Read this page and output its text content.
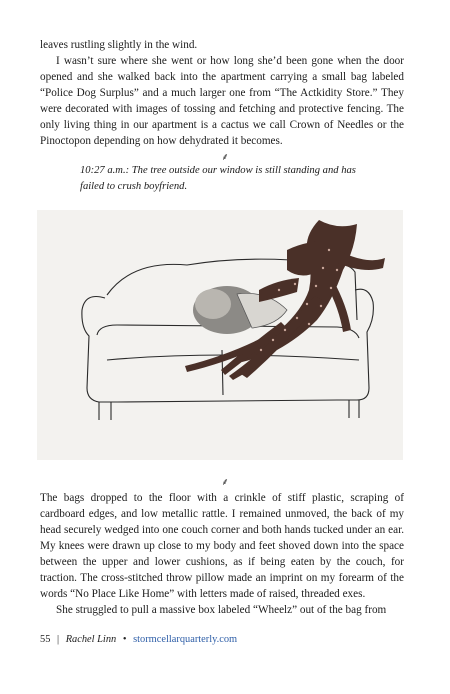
leaves rustling slightly in the wind.

I wasn’t sure where she went or how long she’d been gone when the door opened and she walked back into the apartment carrying a small bag labeled “Police Dog Surplus” and a much larger one from “The Actkidity Store.” They were decorated with images of tossing and fetching and protective fencing. The only living thing in our apartment is a cactus we call Crown of Needles or the Pinoctopon depending on how dehydrated it becomes.

⸙

10:27 a.m.: The tree outside our window is still standing and has failed to crush boyfriend.

⸙

The bags dropped to the floor with a crinkle of stiff plastic, scraping of cardboard edges, and low metallic rattle. I remained unmoved, the back of my head securely wedged into one couch corner and both hands tucked under an ear. My knees were drawn up close to my body and feet shoved down into the space between the upper and lower cushions, as if being eaten by the couch, for traction. The cross-stitched throw pillow made an imprint on my forearm of the words “No Place Like Home” with letters made of raised, threaded exes.

She struggled to pull a massive box labeled “Wheelz” out of the bag from

55 | Rachel Linn • stormcellarquarterly.com
